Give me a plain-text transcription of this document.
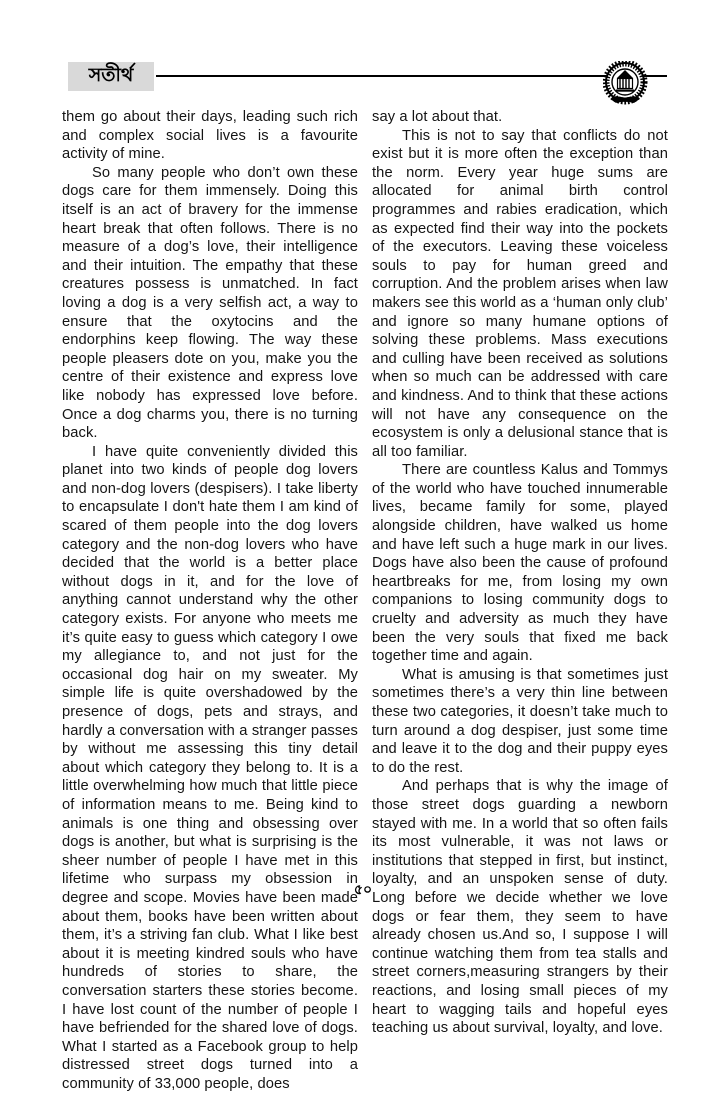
সতীর্থ

them go about their days, leading such rich and complex social lives is a favourite activity of mine.

So many people who don’t own these dogs care for them immensely. Doing this itself is an act of bravery for the immense heart break that often follows. There is no measure of a dog’s love, their intelligence and their intuition. The empathy that these creatures possess is unmatched. In fact loving a dog is a very selfish act, a way to ensure that the oxytocins and the endorphins keep flowing. The way these people pleasers dote on you, make you the centre of their existence and express love like nobody has expressed love before. Once a dog charms you, there is no turning back.

I have quite conveniently divided this planet into two kinds of people dog lovers and non-dog lovers (despisers). I take liberty to encapsulate I don't hate them I am kind of scared of them people into the dog lovers category and the non-dog lovers who have decided that the world is a better place without dogs in it, and for the love of anything cannot understand why the other category exists. For anyone who meets me it’s quite easy to guess which category I owe my allegiance to, and not just for the occasional dog hair on my sweater. My simple life is quite overshadowed by the presence of dogs, pets and strays, and hardly a conversation with a stranger passes by without me assessing this tiny detail about which category they belong to. It is a little overwhelming how much that little piece of information means to me. Being kind to animals is one thing and obsessing over dogs is another, but what is surprising is the sheer number of people I have met in this lifetime who surpass my obsession in degree and scope. Movies have been made about them, books have been written about them, it’s a striving fan club. What I like best about it is meeting kindred souls who have hundreds of stories to share, the conversation starters these stories become. I have lost count of the number of people I have befriended for the shared love of dogs. What I started as a Facebook group to help distressed street dogs turned into a community of 33,000 people, does

say a lot about that.

This is not to say that conflicts do not exist but it is more often the exception than the norm. Every year huge sums are allocated for animal birth control programmes and rabies eradication, which as expected find their way into the pockets of the executors. Leaving these voiceless souls to pay for human greed and corruption. And the problem arises when law makers see this world as a ‘human only club’ and ignore so many humane options of solving these problems. Mass executions and culling have been received as solutions when so much can be addressed with care and kindness. And to think that these actions will not have any consequence on the ecosystem is only a delusional stance that is all too familiar.

There are countless Kalus and Tommys of the world who have touched innumerable lives, became family for some, played alongside children, have walked us home and have left such a huge mark in our lives. Dogs have also been the cause of profound heartbreaks for me, from losing my own companions to losing community dogs to cruelty and adversity as much they have been the very souls that fixed me back together time and again.

What is amusing is that sometimes just sometimes there’s a very thin line between these two categories, it doesn’t take much to turn around a dog despiser, just some time and leave it to the dog and their puppy eyes to do the rest.

And perhaps that is why the image of those street dogs guarding a newborn stayed with me. In a world that so often fails its most vulnerable, it was not laws or institutions that stepped in first, but instinct, loyalty, and an unspoken sense of duty. Long before we decide whether we love dogs or fear them, they seem to have already chosen us.And so, I suppose I will continue watching them from tea stalls and street corners,measuring strangers by their reactions, and losing small pieces of my heart to wagging tails and hopeful eyes teaching us about survival, loyalty, and love.

৫০
